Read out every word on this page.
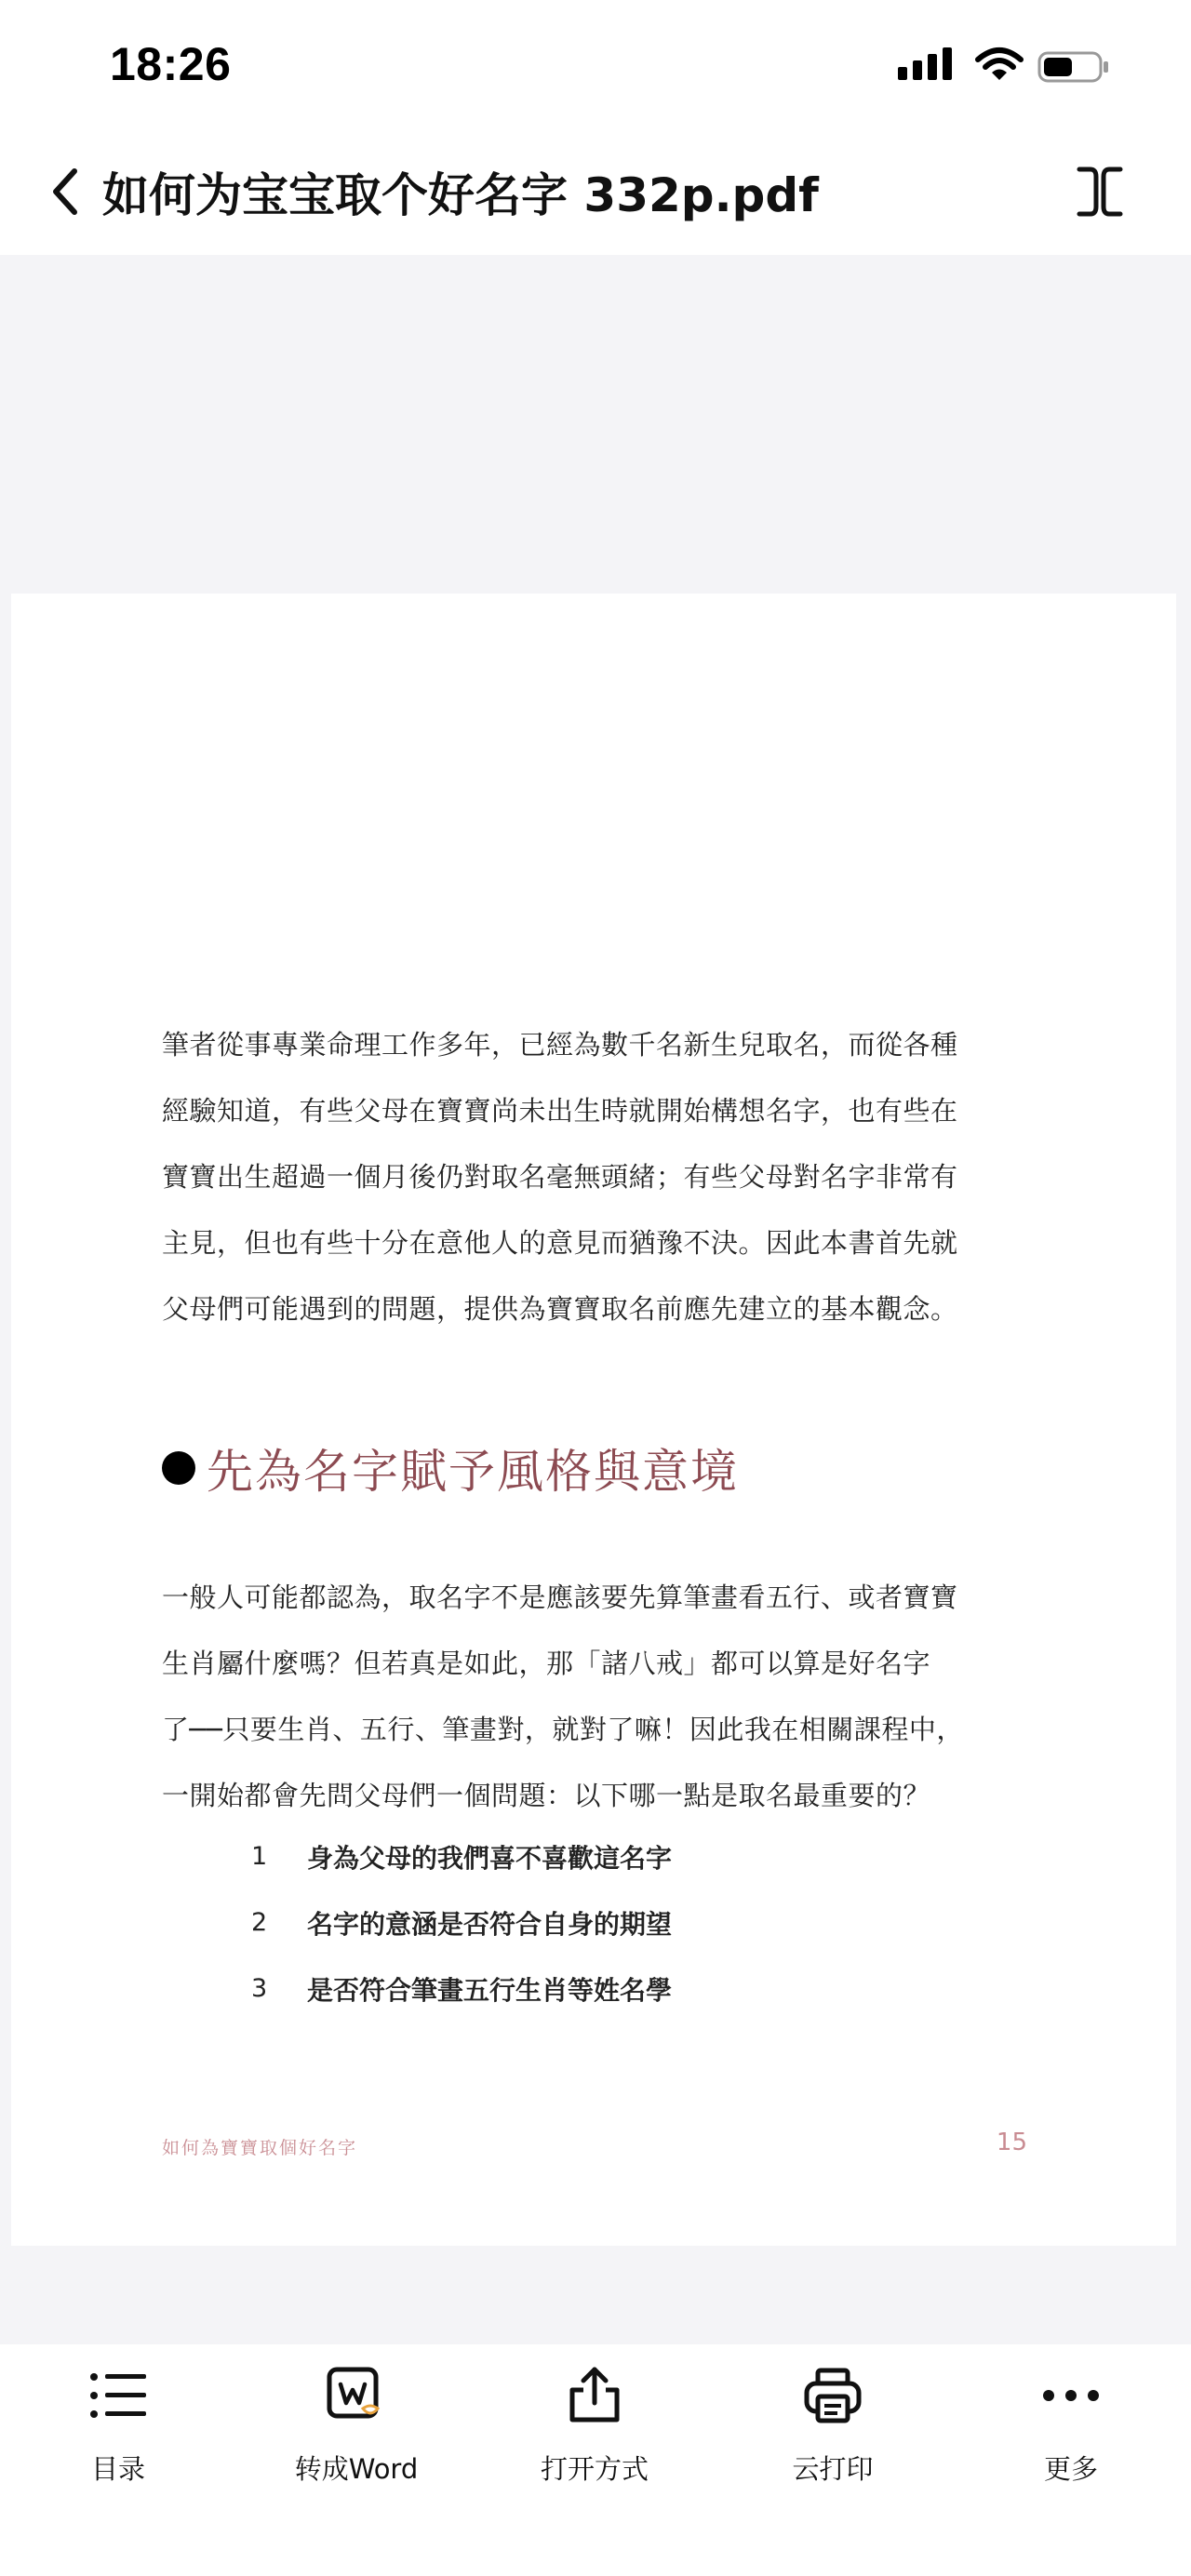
18:26
如何为宝宝取个好名字 332p.pdf

筆者從事專業命理工作多年，已經為數千名新生兒取名，而從各種
經驗知道，有些父母在寶寶尚未出生時就開始構想名字，也有些在
寶寶出生超過一個月後仍對取名毫無頭緒；有些父母對名字非常有
主見，但也有些十分在意他人的意見而猶豫不決。因此本書首先就
父母們可能遇到的問題，提供為寶寶取名前應先建立的基本觀念。

先為名字賦予風格與意境

一般人可能都認為，取名字不是應該要先算筆畫看五行、或者寶寶
生肖屬什麼嗎？但若真是如此，那「諸八戒」都可以算是好名字
了──只要生肖、五行、筆畫對，就對了嘛！因此我在相關課程中，
一開始都會先問父母們一個問題：以下哪一點是取名最重要的？

1	身為父母的我們喜不喜歡這名字
2	名字的意涵是否符合自身的期望
3	是否符合筆畫五行生肖等姓名學
如何為寶寶取個好名字	15
目录	转成Word	打开方式	云打印	更多
